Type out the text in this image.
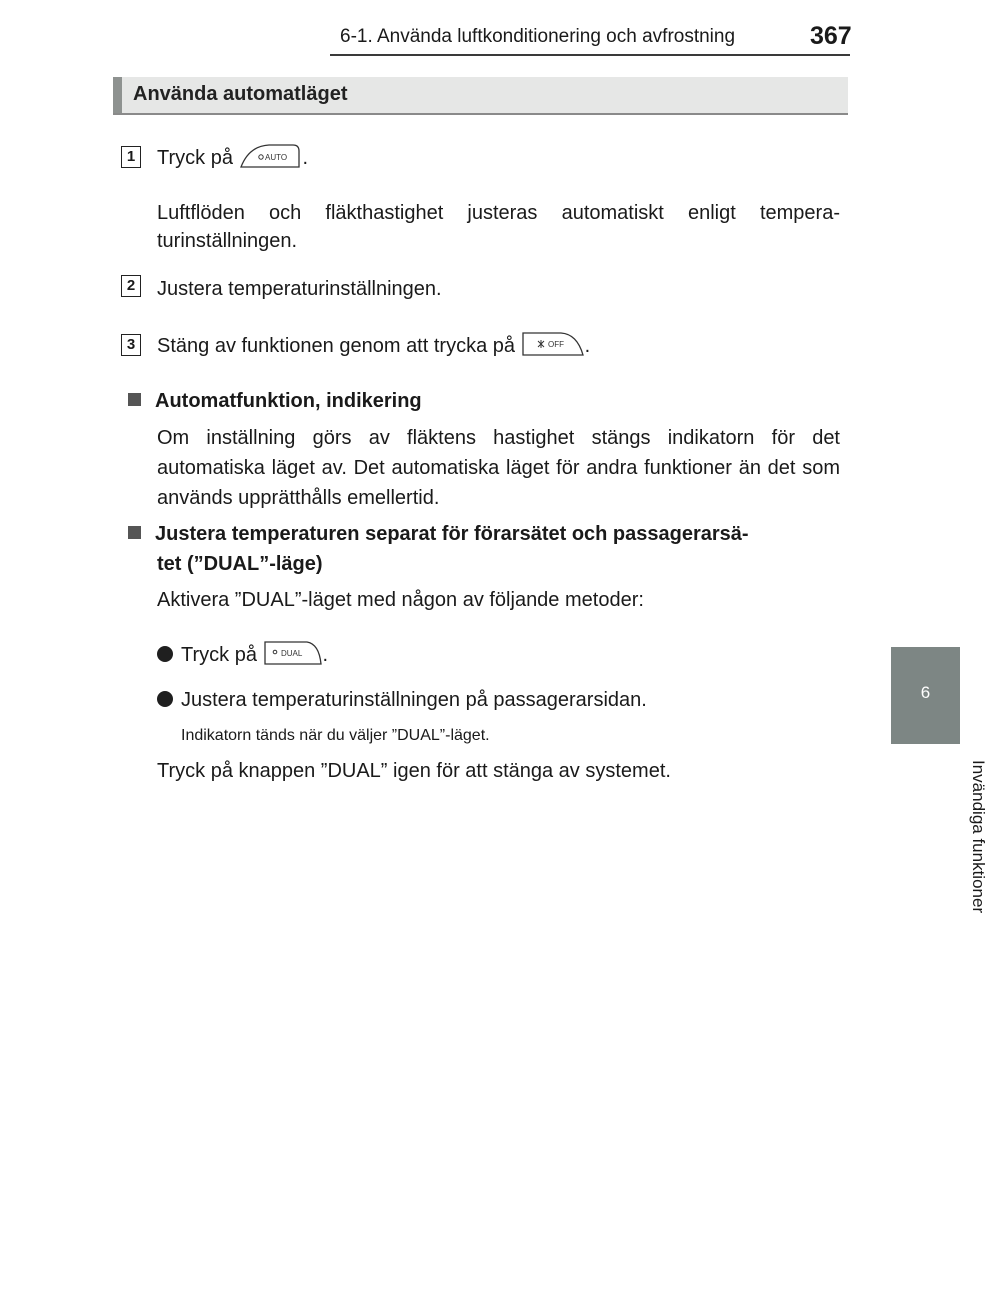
6-1. Använda luftkonditionering och avfrostning	367
6
Invändiga funktioner
Använda automatläget
1 Tryck på	AUTO .
Luftflöden och fläkthastighet justeras automatiskt enligt tempera-turinställningen.
2 Justera temperaturinställningen.
3 Stäng av funktionen genom att trycka på	OFF .
Automatfunktion, indikering
Om inställning görs av fläktens hastighet stängs indikatorn för det automatiska läget av. Det automatiska läget för andra funktioner än det som används upprätthålls emellertid.
Justera temperaturen separat för förarsätet och passagerarsä-
tet (”DUAL”-läge)
Aktivera ”DUAL”-läget med någon av följande metoder:
Tryck på	DUAL .
Justera temperaturinställningen på passagerarsidan.
Indikatorn tänds när du väljer ”DUAL”-läget.
Tryck på knappen ”DUAL” igen för att stänga av systemet.
